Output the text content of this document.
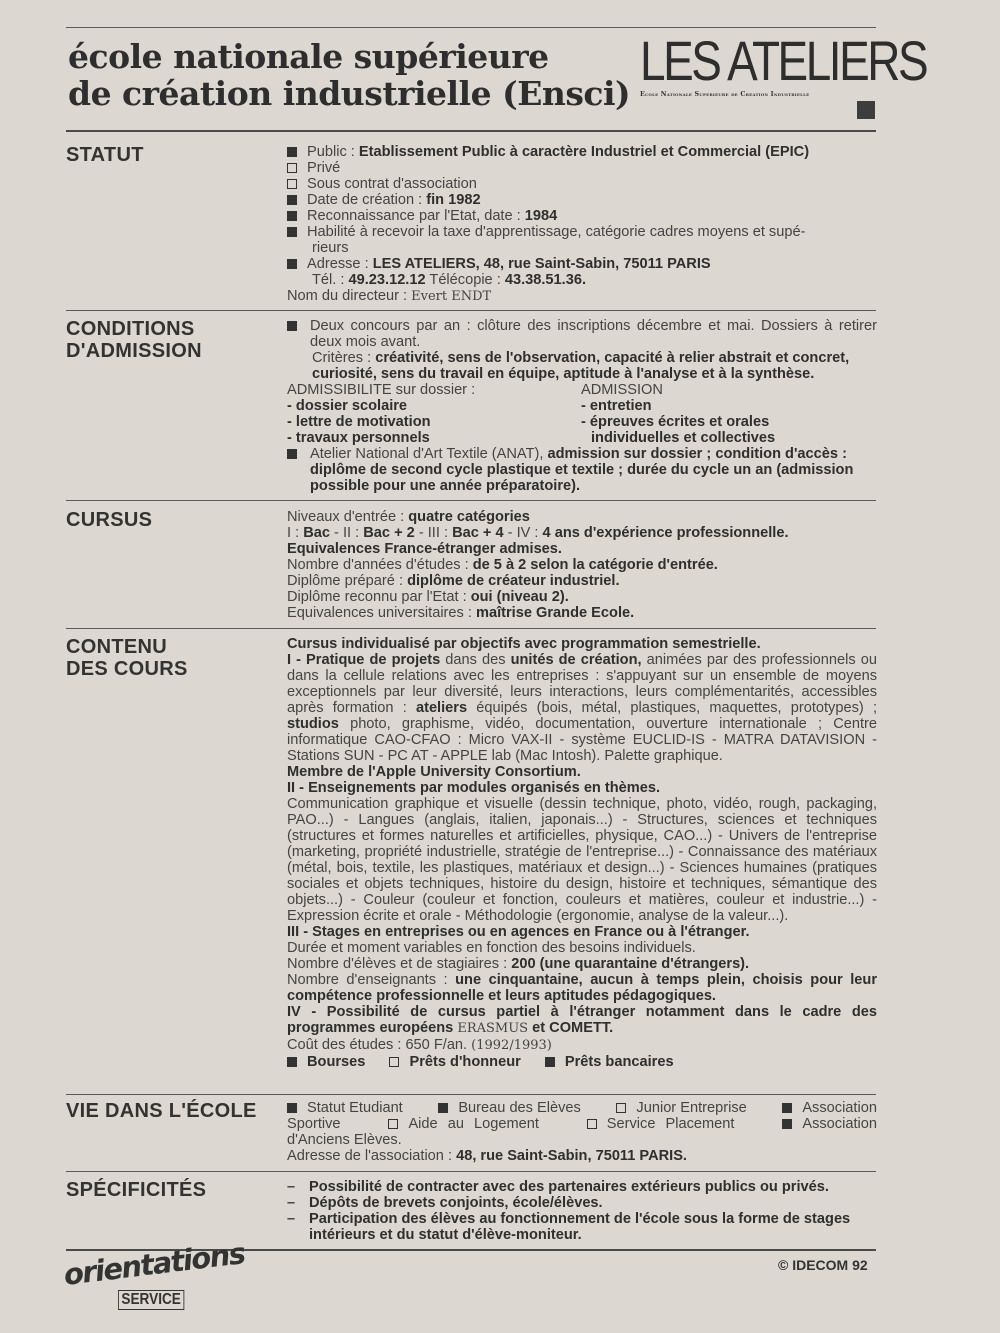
école nationale supérieure
de création industrielle (Ensci)
LES ATELIERS
Ecole Nationale Superieure de Creation Industrielle
STATUT	Public : Etablissement Public à caractère Industriel et Commercial (EPIC)
Privé
Sous contrat d'association
Date de création : fin 1982
Reconnaissance par l'Etat, date : 1984
Habilité à recevoir la taxe d'apprentissage, catégorie cadres moyens et supé-
rieurs
Adresse : LES ATELIERS, 48, rue Saint-Sabin, 75011 PARIS
Tél. : 49.23.12.12 Télécopie : 43.38.51.36.
Nom du directeur : Evert ENDT
CONDITIONS
D'ADMISSION
Deux concours par an : clôture des inscriptions décembre et mai. Dossiers à retirer deux mois avant.
Critères : créativité, sens de l'observation, capacité à relier abstrait et concret, curiosité, sens du travail en équipe, aptitude à l'analyse et à la synthèse.
ADMISSIBILITE sur dossier :
- dossier scolaire
- lettre de motivation
- travaux personnels
ADMISSION
- entretien
- épreuves écrites et orales
individuelles et collectives
Atelier National d'Art Textile (ANAT), admission sur dossier ; condition d'accès : diplôme de second cycle plastique et textile ; durée du cycle un an (admission possible pour une année préparatoire).
CURSUS	Niveaux d'entrée : quatre catégories
I : Bac - II : Bac + 2 - III : Bac + 4 - IV : 4 ans d'expérience professionnelle.
Equivalences France-étranger admises.
Nombre d'années d'études : de 5 à 2 selon la catégorie d'entrée.
Diplôme préparé : diplôme de créateur industriel.
Diplôme reconnu par l'Etat : oui (niveau 2).
Equivalences universitaires : maîtrise Grande Ecole.
CONTENU
DES COURS
Cursus individualisé par objectifs avec programmation semestrielle.
I - Pratique de projets dans des unités de création, animées par des professionnels ou dans la cellule relations avec les entreprises : s'appuyant sur un ensemble de moyens exceptionnels par leur diversité, leurs interactions, leurs complémentarités, accessibles après formation : ateliers équipés (bois, métal, plastiques, maquettes, prototypes) ; studios photo, graphisme, vidéo, documentation, ouverture internationale ; Centre informatique CAO-CFAO : Micro VAX-II - système EUCLID-IS - MATRA DATAVISION - Stations SUN - PC AT - APPLE lab (Mac Intosh). Palette graphique.
Membre de l'Apple University Consortium.
II - Enseignements par modules organisés en thèmes.
Communication graphique et visuelle (dessin technique, photo, vidéo, rough, packaging, PAO...) - Langues (anglais, italien, japonais...) - Structures, sciences et techniques (structures et formes naturelles et artificielles, physique, CAO...) - Univers de l'entreprise (marketing, propriété industrielle, stratégie de l'entreprise...) - Connaissance des matériaux (métal, bois, textile, les plastiques, matériaux et design...) - Sciences humaines (pratiques sociales et objets techniques, histoire du design, histoire et techniques, sémantique des objets...) - Couleur (couleur et fonction, couleurs et matières, couleur et industrie...) - Expression écrite et orale - Méthodologie (ergonomie, analyse de la valeur...).
III - Stages en entreprises ou en agences en France ou à l'étranger.
Durée et moment variables en fonction des besoins individuels.
Nombre d'élèves et de stagiaires : 200 (une quarantaine d'étrangers).
Nombre d'enseignants : une cinquantaine, aucun à temps plein, choisis pour leur compétence professionnelle et leurs aptitudes pédagogiques.
IV - Possibilité de cursus partiel à l'étranger notamment dans le cadre des programmes européens ERASMUS et COMETT.
Coût des études : 650 F/an. (1992/1993)
Bourses	Prêts d'honneur	Prêts bancaires
VIE DANS L'ÉCOLE	Statut Etudiant	Bureau des Elèves	Junior Entreprise	Association
Sportive	Aide au Logement	Service Placement	Association
d'Anciens Elèves.
Adresse de l'association : 48, rue Saint-Sabin, 75011 PARIS.
SPÉCIFICITÉS	– Possibilité de contracter avec des partenaires extérieurs publics ou privés.
– Dépôts de brevets conjoints, école/élèves.
– Participation des élèves au fonctionnement de l'école sous la forme de stages intérieurs et du statut d'élève-moniteur.
orientations
SERVICE
© IDECOM 92
